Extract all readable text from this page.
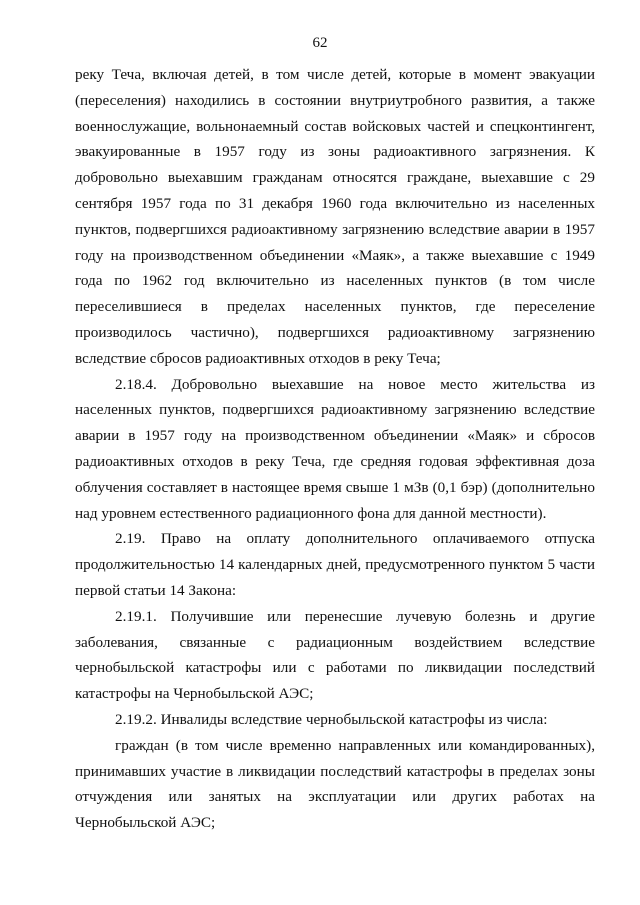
62

реку Теча, включая детей, в том числе детей, которые в момент эвакуации (переселения) находились в состоянии внутриутробного развития, а также военнослужащие, вольнонаемный состав войсковых частей и спецконтингент, эвакуированные в 1957 году из зоны радиоактивного загрязнения. К добровольно выехавшим гражданам относятся граждане, выехавшие с 29 сентября 1957 года по 31 декабря 1960 года включительно из населенных пунктов, подвергшихся радиоактивному загрязнению вследствие аварии в 1957 году на производственном объединении «Маяк», а также выехавшие с 1949 года по 1962 год включительно из населенных пунктов (в том числе переселившиеся в пределах населенных пунктов, где переселение производилось частично), подвергшихся радиоактивному загрязнению вследствие сбросов радиоактивных отходов в реку Теча;

2.18.4. Добровольно выехавшие на новое место жительства из населенных пунктов, подвергшихся радиоактивному загрязнению вследствие аварии в 1957 году на производственном объединении «Маяк» и сбросов радиоактивных отходов в реку Теча, где средняя годовая эффективная доза облучения составляет в настоящее время свыше 1 мЗв (0,1 бэр) (дополнительно над уровнем естественного радиационного фона для данной местности).

2.19. Право на оплату дополнительного оплачиваемого отпуска продолжительностью 14 календарных дней, предусмотренного пунктом 5 части первой статьи 14 Закона:

2.19.1. Получившие или перенесшие лучевую болезнь и другие заболевания, связанные с радиационным воздействием вследствие чернобыльской катастрофы или с работами по ликвидации последствий катастрофы на Чернобыльской АЭС;

2.19.2. Инвалиды вследствие чернобыльской катастрофы из числа:

граждан (в том числе временно направленных или командированных), принимавших участие в ликвидации последствий катастрофы в пределах зоны отчуждения или занятых на эксплуатации или других работах на Чернобыльской АЭС;
